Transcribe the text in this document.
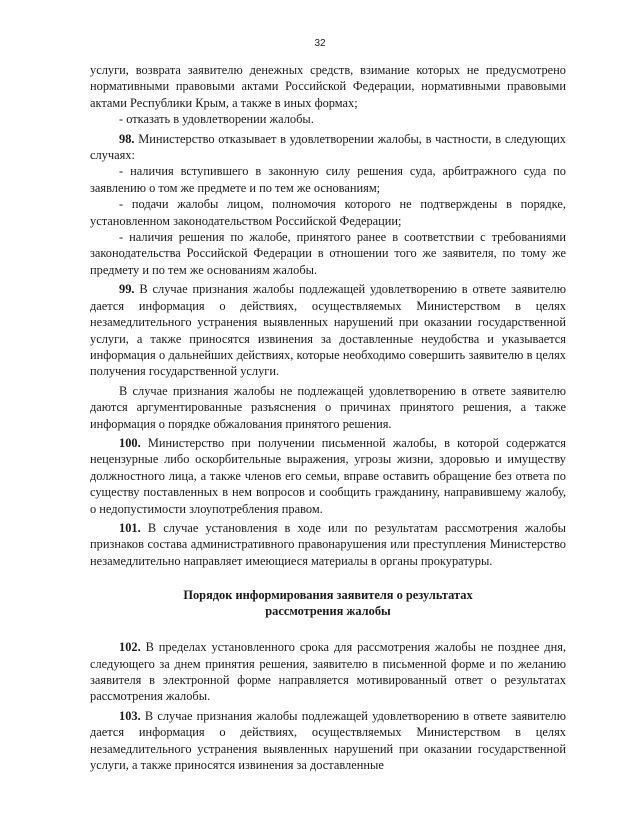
32

услуги, возврата заявителю денежных средств, взимание которых не предусмотрено нормативными правовыми актами Российской Федерации, нормативными правовыми актами Республики Крым, а также в иных формах;

- отказать в удовлетворении жалобы.

98. Министерство отказывает в удовлетворении жалобы, в частности, в следующих случаях:

- наличия вступившего в законную силу решения суда, арбитражного суда по заявлению о том же предмете и по тем же основаниям;

- подачи жалобы лицом, полномочия которого не подтверждены в порядке, установленном законодательством Российской Федерации;

- наличия решения по жалобе, принятого ранее в соответствии с требованиями законодательства Российской Федерации в отношении того же заявителя, по тому же предмету и по тем же основаниям жалобы.

99. В случае признания жалобы подлежащей удовлетворению в ответе заявителю дается информация о действиях, осуществляемых Министерством в целях незамедлительного устранения выявленных нарушений при оказании государственной услуги, а также приносятся извинения за доставленные неудобства и указывается информация о дальнейших действиях, которые необходимо совершить заявителю в целях получения государственной услуги.

В случае признания жалобы не подлежащей удовлетворению в ответе заявителю даются аргументированные разъяснения о причинах принятого решения, а также информация о порядке обжалования принятого решения.

100. Министерство при получении письменной жалобы, в которой содержатся нецензурные либо оскорбительные выражения, угрозы жизни, здоровью и имуществу должностного лица, а также членов его семьи, вправе оставить обращение без ответа по существу поставленных в нем вопросов и сообщить гражданину, направившему жалобу, о недопустимости злоупотребления правом.

101. В случае установления в ходе или по результатам рассмотрения жалобы признаков состава административного правонарушения или преступления Министерство незамедлительно направляет имеющиеся материалы в органы прокуратуры.

Порядок информирования заявителя о результатах
рассмотрения жалобы

102. В пределах установленного срока для рассмотрения жалобы не позднее дня, следующего за днем принятия решения, заявителю в письменной форме и по желанию заявителя в электронной форме направляется мотивированный ответ о результатах рассмотрения жалобы.

103. В случае признания жалобы подлежащей удовлетворению в ответе заявителю дается информация о действиях, осуществляемых Министерством в целях незамедлительного устранения выявленных нарушений при оказании государственной услуги, а также приносятся извинения за доставленные
